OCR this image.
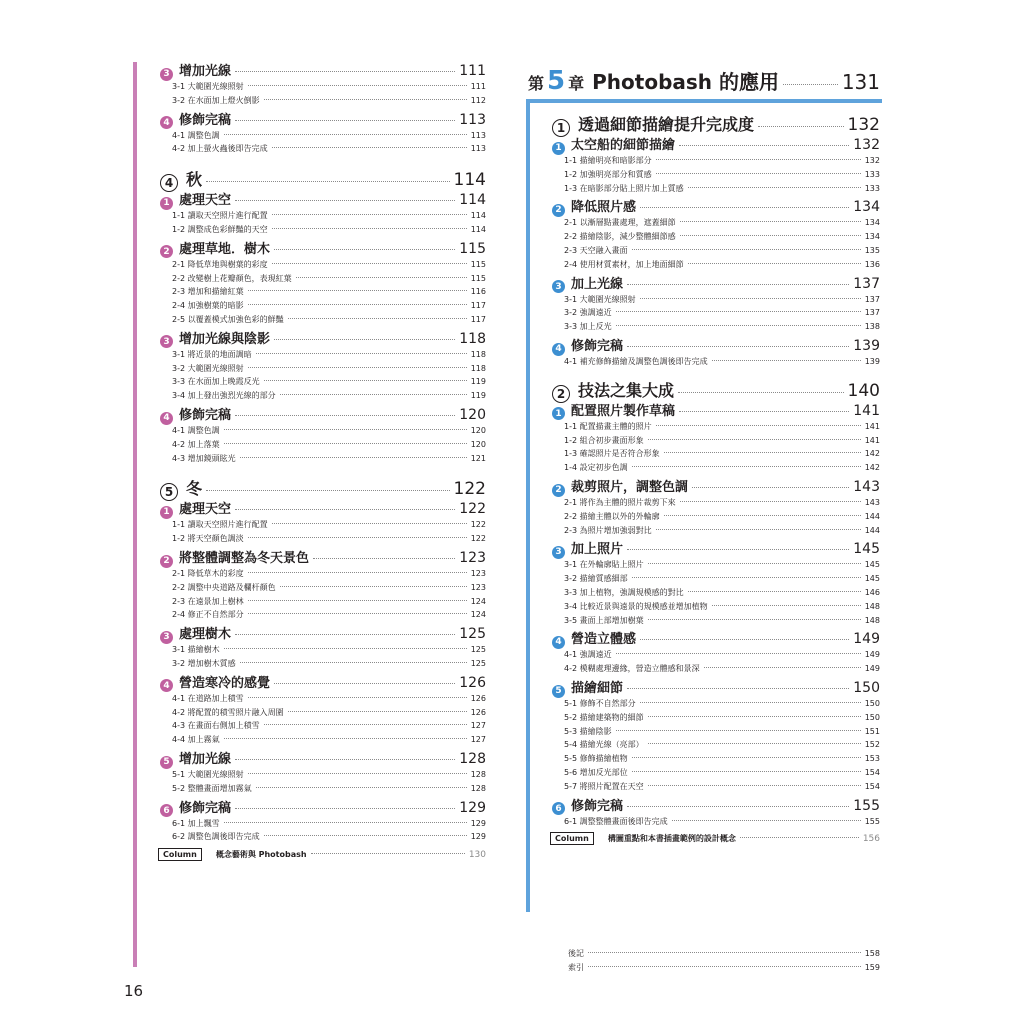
3 增加光線	111
3-1 大範圍光線照射	111
3-2 在水面加上燈火倒影	112
4 修飾完稿	113
4-1 調整色調	113
4-2 加上螢火蟲後即告完成	113
4 秋	114
1 處理天空	114
1-1 讀取天空照片進行配置	114
1-2 調整成色彩鮮豔的天空	114
2 處理草地．樹木	115
2-1 降低草地與樹葉的彩度	115
2-2 改變樹上花瓣顏色，表現紅葉	115
2-3 增加和描繪紅葉	116
2-4 加強樹葉的暗影	117
2-5 以覆蓋模式加強色彩的鮮豔	117
3 增加光線與陰影	118
3-1 將近景的地面調暗	118
3-2 大範圍光線照射	118
3-3 在水面加上晚霞反光	119
3-4 加上發出強烈光線的部分	119
4 修飾完稿	120
4-1 調整色調	120
4-2 加上落葉	120
4-3 增加鏡頭眩光	121
5 冬	122
1 處理天空	122
1-1 讀取天空照片進行配置	122
1-2 將天空顏色調淡	122
2 將整體調整為冬天景色	123
2-1 降低草木的彩度	123
2-2 調整中央道路及欄杆顏色	123
2-3 在遠景加上樹林	124
2-4 修正不自然部分	124
3 處理樹木	125
3-1 描繪樹木	125
3-2 增加樹木質感	125
4 營造寒冷的感覺	126
4-1 在道路加上積雪	126
4-2 將配置的積雪照片融入周圍	126
4-3 在畫面右側加上積雪	127
4-4 加上霧氣	127
5 增加光線	128
5-1 大範圍光線照射	128
5-2 整體畫面增加霧氣	128
6 修飾完稿	129
6-1 加上飄雪	129
6-2 調整色調後即告完成	129
Column	概念藝術與 Photobash	130
第 5 章 Photobash 的應用	131
1 透過細節描繪提升完成度	132
1 太空船的細節描繪	132
1-1 描繪明亮和暗影部分	132
1-2 加強明亮部分和質感	133
1-3 在暗影部分貼上照片加上質感	133
2 降低照片感	134
2-1 以漸層點畫處理，遮蓋細節	134
2-2 描繪陰影，減少整體細節感	134
2-3 天空融入畫面	135
2-4 使用材質素材，加上地面細節	136
3 加上光線	137
3-1 大範圍光線照射	137
3-2 強調遠近	137
3-3 加上反光	138
4 修飾完稿	139
4-1 補充修飾描繪及調整色調後即告完成	139
2 技法之集大成	140
1 配置照片製作草稿	141
1-1 配置描畫主體的照片	141
1-2 組合初步畫面形象	141
1-3 確認照片是否符合形象	142
1-4 設定初步色調	142
2 裁剪照片，調整色調	143
2-1 將作為主體的照片裁剪下來	143
2-2 描繪主體以外的外輪廓	144
2-3 為照片增加強弱對比	144
3 加上照片	145
3-1 在外輪廓貼上照片	145
3-2 描繪質感細部	145
3-3 加上植物，強調規模感的對比	146
3-4 比較近景與遠景的規模感並增加植物	148
3-5 畫面上部增加樹葉	148
4 營造立體感	149
4-1 強調遠近	149
4-2 模糊處理邊緣，營造立體感和景深	149
5 描繪細節	150
5-1 修飾不自然部分	150
5-2 描繪建築物的細節	150
5-3 描繪陰影	151
5-4 描繪光線（亮部）	152
5-5 修飾描繪植物	153
5-6 增加反光部位	154
5-7 將照片配置在天空	154
6 修飾完稿	155
6-1 調整整體畫面後即告完成	155
Column	構圖重點和本書插畫範例的設計概念	156
後記	158
索引	159
16
